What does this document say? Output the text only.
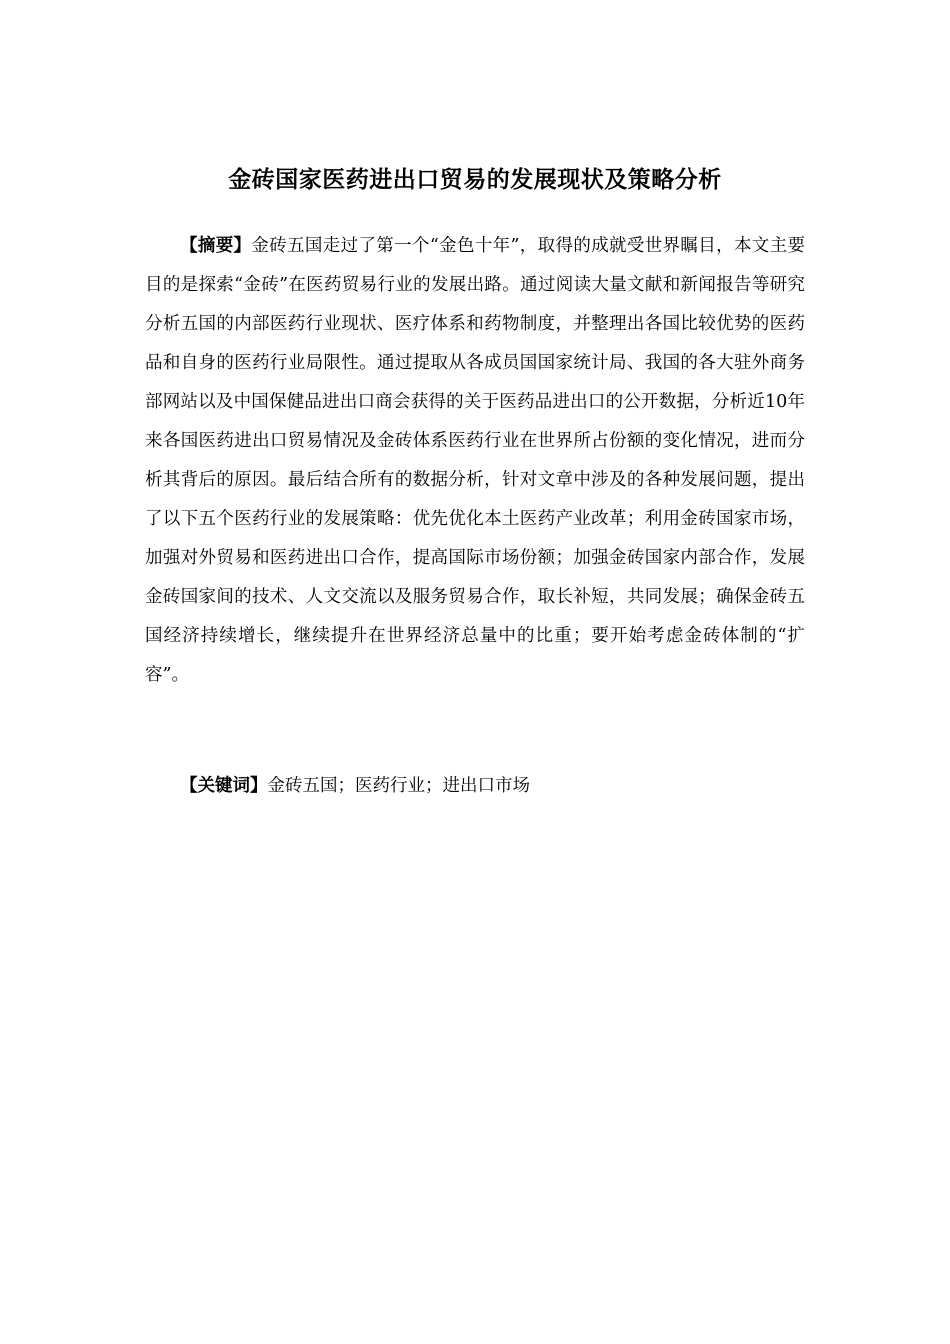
金砖国家医药进出口贸易的发展现状及策略分析

【摘要】金砖五国走过了第一个“金色十年”，取得的成就受世界瞩目，本文主要目的是探索“金砖”在医药贸易行业的发展出路。通过阅读大量文献和新闻报告等研究分析五国的内部医药行业现状、医疗体系和药物制度，并整理出各国比较优势的医药品和自身的医药行业局限性。通过提取从各成员国国家统计局、我国的各大驻外商务部网站以及中国保健品进出口商会获得的关于医药品进出口的公开数据，分析近10年来各国医药进出口贸易情况及金砖体系医药行业在世界所占份额的变化情况，进而分析其背后的原因。最后结合所有的数据分析，针对文章中涉及的各种发展问题，提出了以下五个医药行业的发展策略：优先优化本土医药产业改革；利用金砖国家市场，加强对外贸易和医药进出口合作，提高国际市场份额；加强金砖国家内部合作，发展金砖国家间的技术、人文交流以及服务贸易合作，取长补短，共同发展；确保金砖五国经济持续增长，继续提升在世界经济总量中的比重；要开始考虑金砖体制的“扩容”。

【关键词】金砖五国；医药行业；进出口市场
